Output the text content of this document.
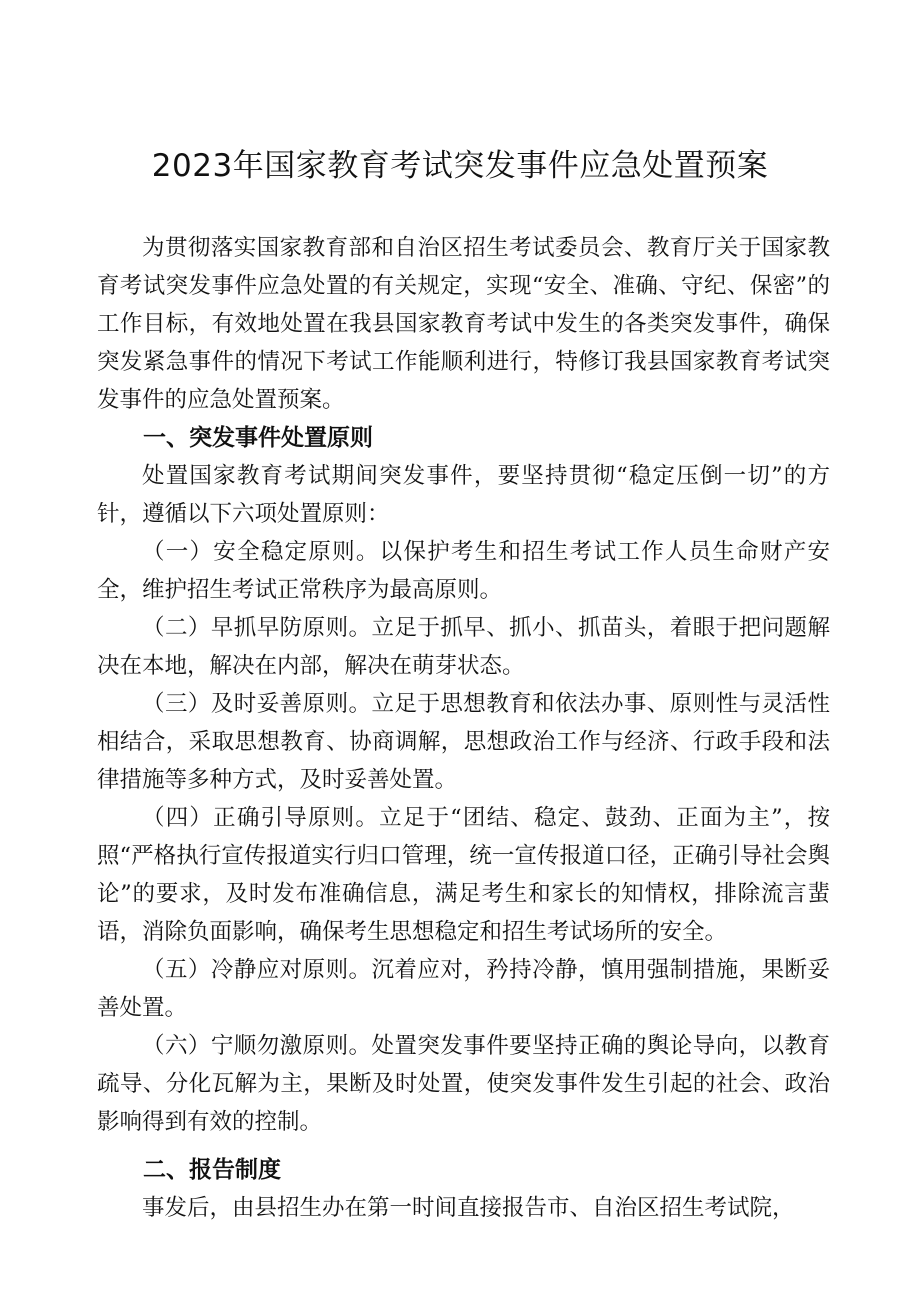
2023年国家教育考试突发事件应急处置预案

为贯彻落实国家教育部和自治区招生考试委员会、教育厅关于国家教育考试突发事件应急处置的有关规定，实现“安全、准确、守纪、保密”的工作目标，有效地处置在我县国家教育考试中发生的各类突发事件，确保突发紧急事件的情况下考试工作能顺利进行，特修订我县国家教育考试突发事件的应急处置预案。

一、突发事件处置原则

处置国家教育考试期间突发事件，要坚持贯彻“稳定压倒一切”的方针，遵循以下六项处置原则：

（一）安全稳定原则。以保护考生和招生考试工作人员生命财产安全，维护招生考试正常秩序为最高原则。

（二）早抓早防原则。立足于抓早、抓小、抓苗头，着眼于把问题解决在本地，解决在内部，解决在萌芽状态。

（三）及时妥善原则。立足于思想教育和依法办事、原则性与灵活性相结合，采取思想教育、协商调解，思想政治工作与经济、行政手段和法律措施等多种方式，及时妥善处置。

（四）正确引导原则。立足于“团结、稳定、鼓劲、正面为主”，按照“严格执行宣传报道实行归口管理，统一宣传报道口径，正确引导社会舆论”的要求，及时发布准确信息，满足考生和家长的知情权，排除流言蜚语，消除负面影响，确保考生思想稳定和招生考试场所的安全。

（五）冷静应对原则。沉着应对，矜持冷静，慎用强制措施，果断妥善处置。

（六）宁顺勿激原则。处置突发事件要坚持正确的舆论导向，以教育疏导、分化瓦解为主，果断及时处置，使突发事件发生引起的社会、政治影响得到有效的控制。

二、报告制度

事发后，由县招生办在第一时间直接报告市、自治区招生考试院，
